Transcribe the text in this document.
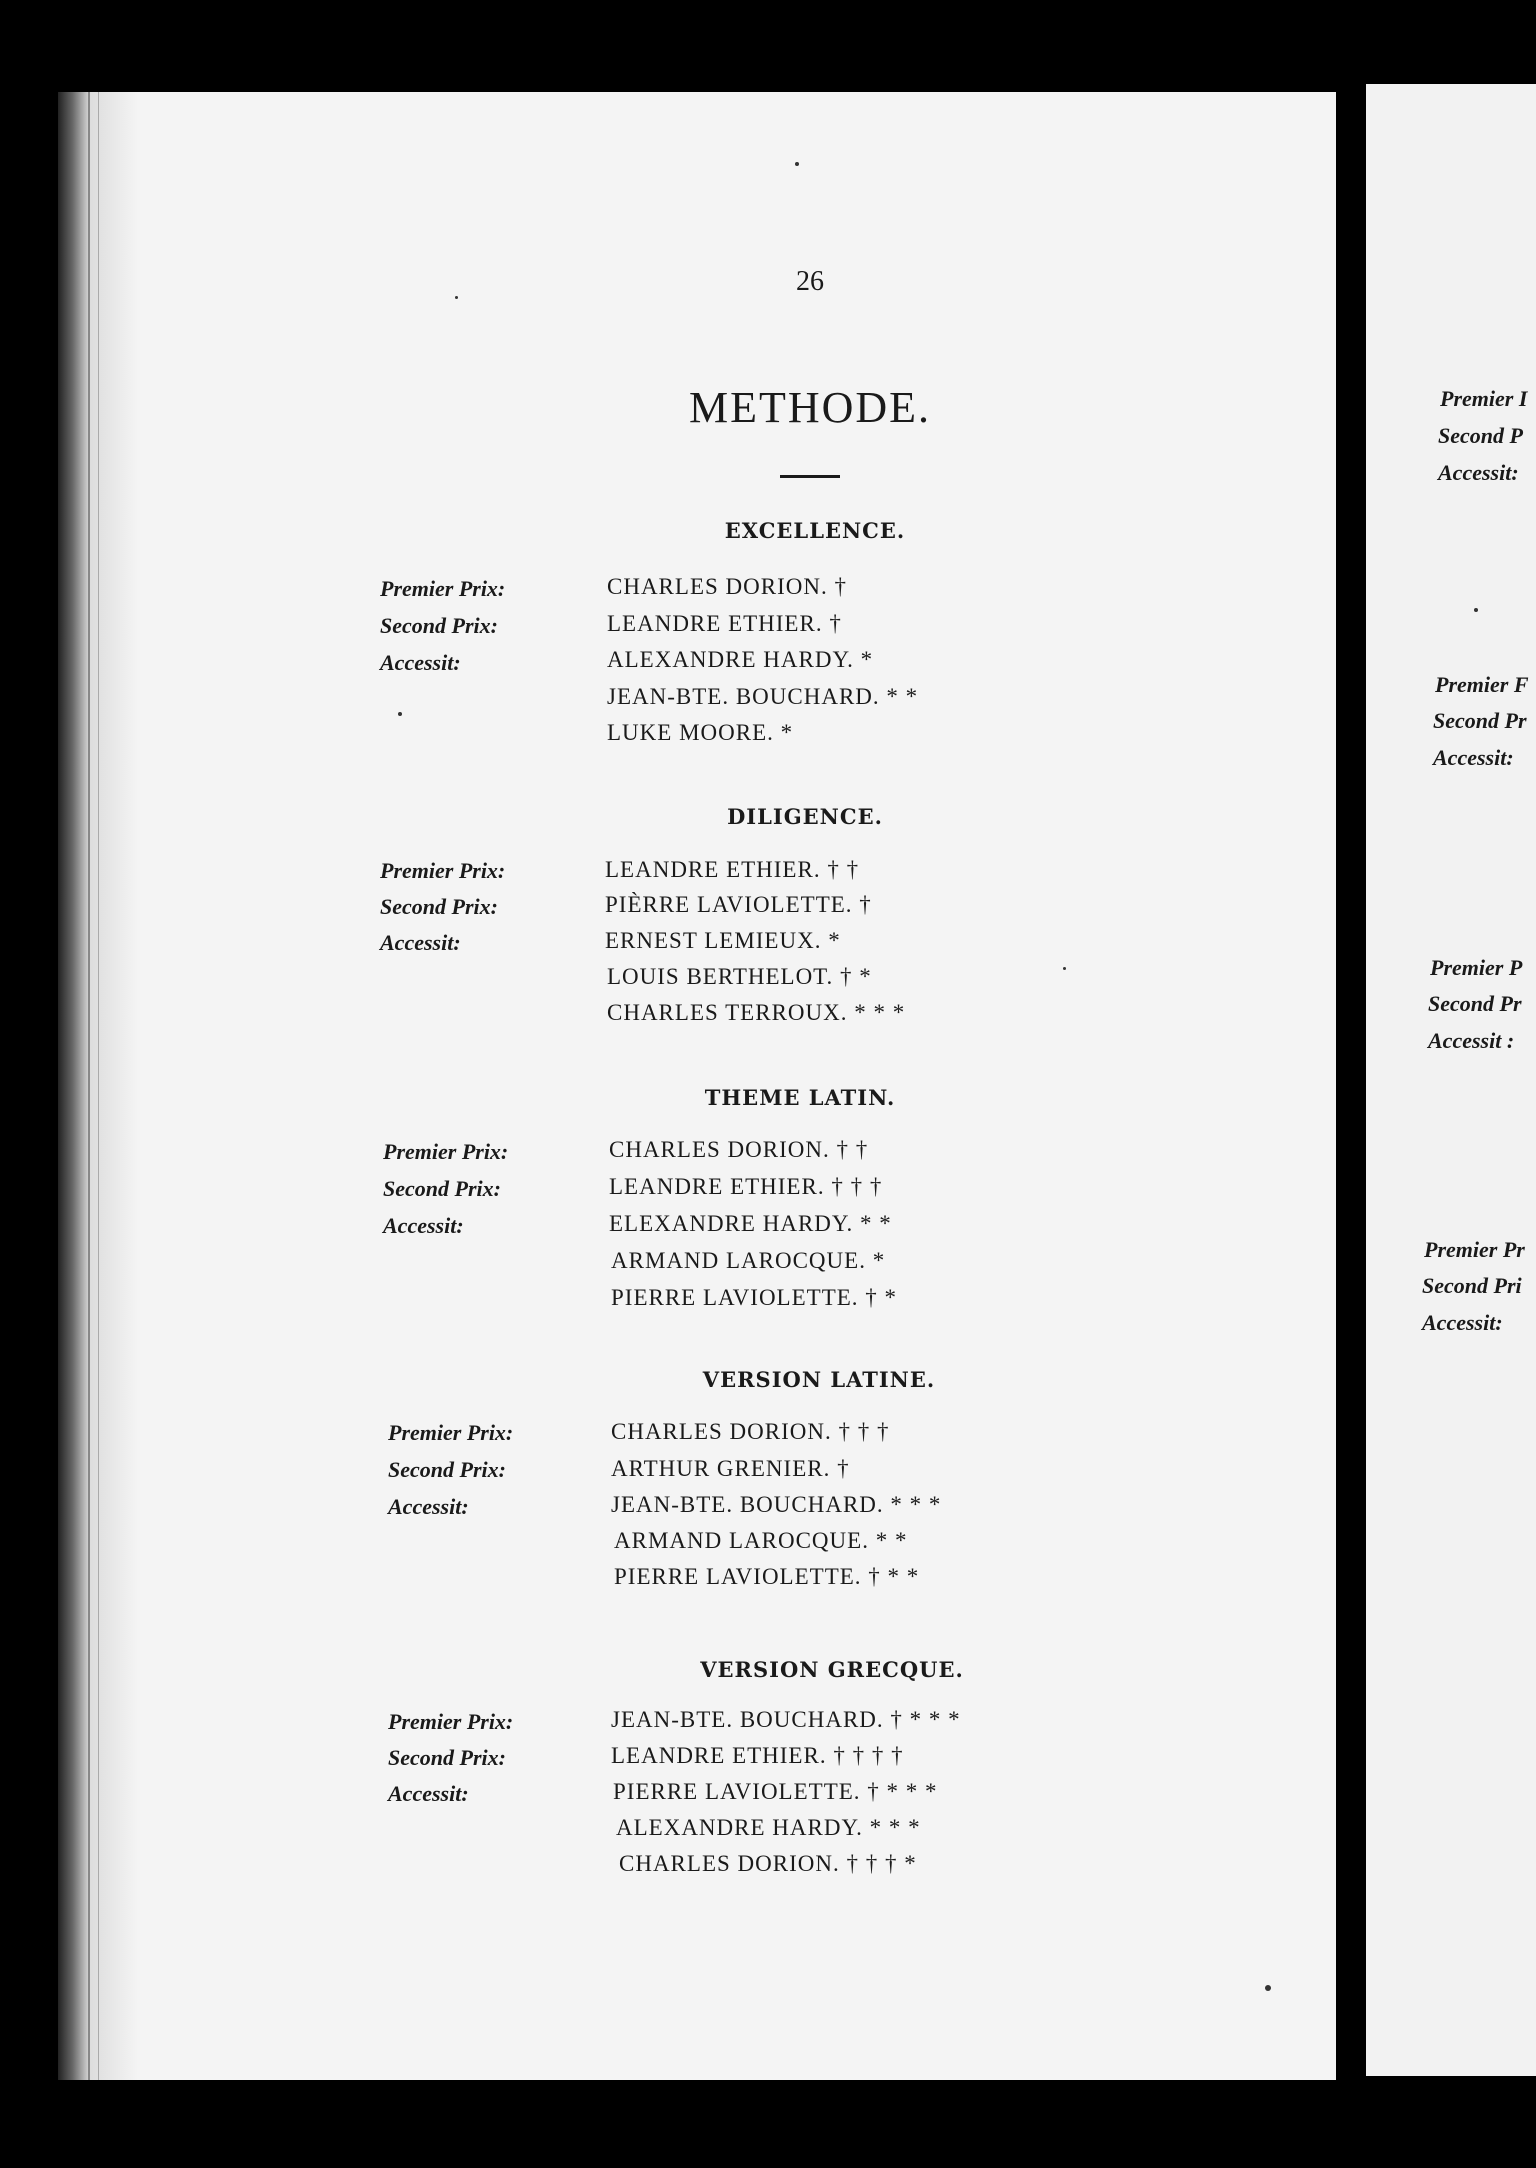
26
METHODE.
EXCELLENCE.
Premier Prix:
Second Prix:
Accessit:
CHARLES DORION. †
LEANDRE ETHIER. †
ALEXANDRE HARDY. *
JEAN-BTE. BOUCHARD. * *
LUKE MOORE. *
DILIGENCE.
Premier Prix:
Second Prix:
Accessit:
LEANDRE ETHIER. † †
PIÈRRE LAVIOLETTE. †
ERNEST LEMIEUX. *
LOUIS BERTHELOT. † *
CHARLES TERROUX. * * *
THEME LATIN.
Premier Prix:
Second Prix:
Accessit:
CHARLES DORION. † †
LEANDRE ETHIER. † † †
ELEXANDRE HARDY. * *
ARMAND LAROCQUE. *
PIERRE LAVIOLETTE. † *
VERSION LATINE.
Premier Prix:
Second Prix:
Accessit:
CHARLES DORION. † † †
ARTHUR GRENIER. †
JEAN-BTE. BOUCHARD. * * *
ARMAND LAROCQUE. * *
PIERRE LAVIOLETTE. † * *
VERSION GRECQUE.
Premier Prix:
Second Prix:
Accessit:
JEAN-BTE. BOUCHARD. † * * *
LEANDRE ETHIER. † † † †
PIERRE LAVIOLETTE. † * * *
ALEXANDRE HARDY. * * *
CHARLES DORION. † † † *
Premier I
Second P
Accessit:
Premier F
Second Pr
Accessit:
Premier P
Second Pr
Accessit :
Premier Pr
Second Pri
Accessit:
